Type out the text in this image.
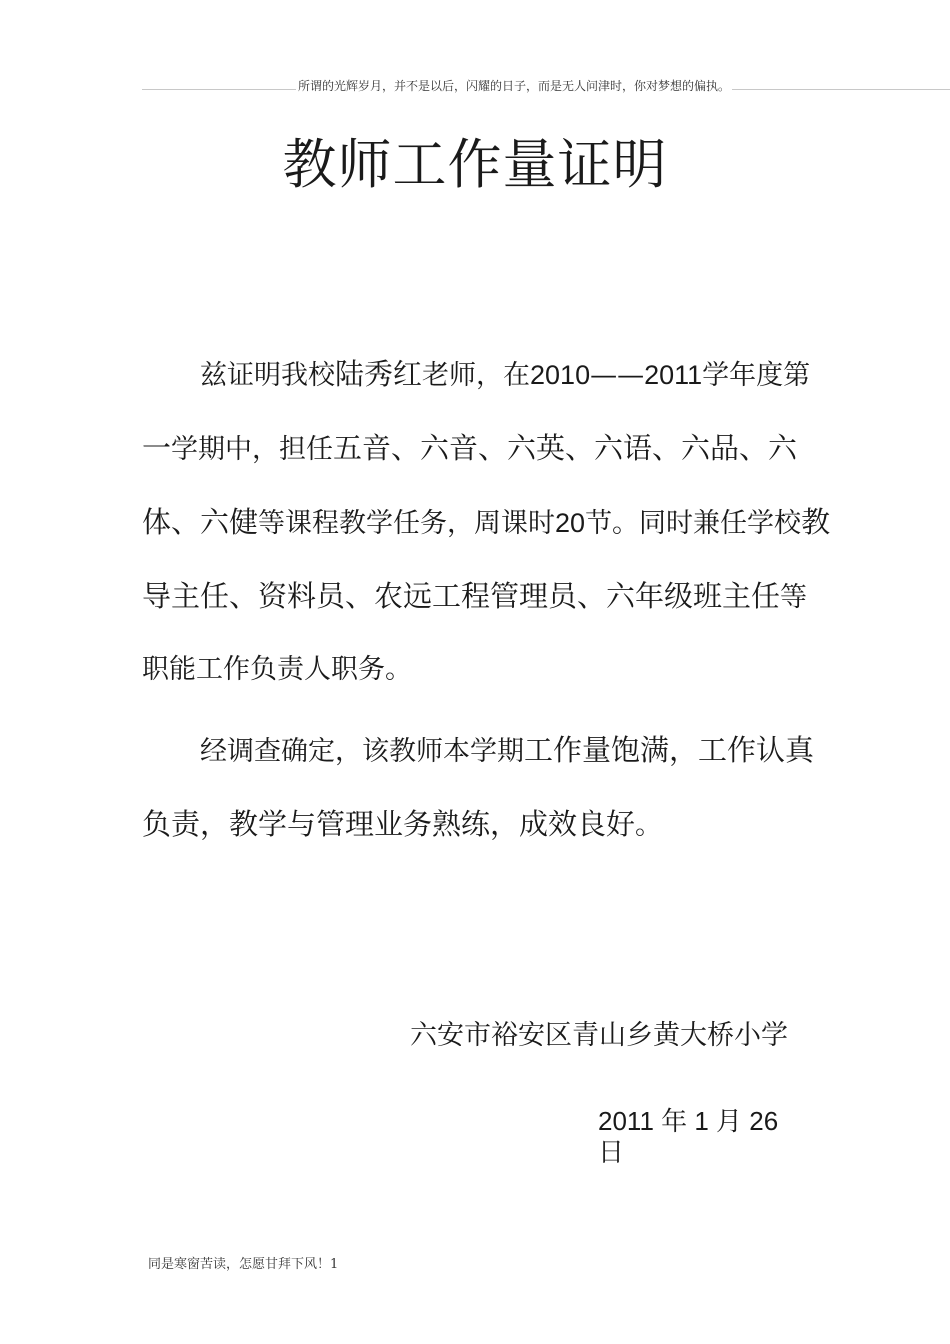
所谓的光辉岁月，并不是以后，闪耀的日子，而是无人问津时，你对梦想的偏执。
教师工作量证明

兹证明我校陆秀红老师，在2010——2011学年度第一学期中，担任五音、六音、六英、六语、六品、六体、六健等课程教学任务，周课时20节。同时兼任学校教导主任、资料员、农远工程管理员、六年级班主任等职能工作负责人职务。

经调查确定，该教师本学期工作量饱满，工作认真负责，教学与管理业务熟练，成效良好。

六安市裕安区青山乡黄大桥小学
2011 年 1 月 26 日
同是寒窗苦读，怎愿甘拜下风！1
